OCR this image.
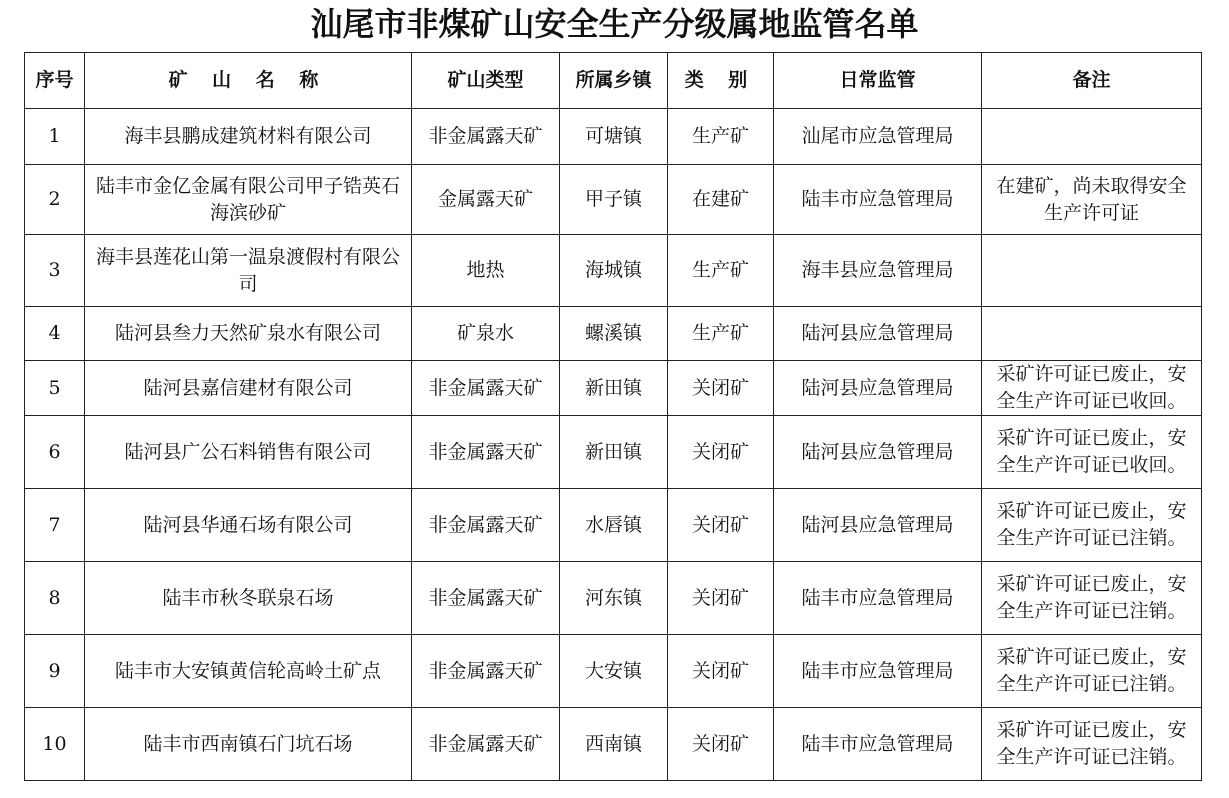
汕尾市非煤矿山安全生产分级属地监管名单
序号	矿 山 名 称	矿山类型	所属乡镇	类 别	日常监管	备注
1	海丰县鹏成建筑材料有限公司	非金属露天矿	可塘镇	生产矿	汕尾市应急管理局	
2	陆丰市金亿金属有限公司甲子锆英石海滨砂矿	金属露天矿	甲子镇	在建矿	陆丰市应急管理局	在建矿，尚未取得安全生产许可证
3	海丰县莲花山第一温泉渡假村有限公司	地热	海城镇	生产矿	海丰县应急管理局	
4	陆河县叁力天然矿泉水有限公司	矿泉水	螺溪镇	生产矿	陆河县应急管理局	
5	陆河县嘉信建材有限公司	非金属露天矿	新田镇	关闭矿	陆河县应急管理局	采矿许可证已废止，安全生产许可证已收回。
6	陆河县广公石料销售有限公司	非金属露天矿	新田镇	关闭矿	陆河县应急管理局	采矿许可证已废止，安全生产许可证已收回。
7	陆河县华通石场有限公司	非金属露天矿	水唇镇	关闭矿	陆河县应急管理局	采矿许可证已废止，安全生产许可证已注销。
8	陆丰市秋冬联泉石场	非金属露天矿	河东镇	关闭矿	陆丰市应急管理局	采矿许可证已废止，安全生产许可证已注销。
9	陆丰市大安镇黄信轮高岭土矿点	非金属露天矿	大安镇	关闭矿	陆丰市应急管理局	采矿许可证已废止，安全生产许可证已注销。
10	陆丰市西南镇石门坑石场	非金属露天矿	西南镇	关闭矿	陆丰市应急管理局	采矿许可证已废止，安全生产许可证已注销。
